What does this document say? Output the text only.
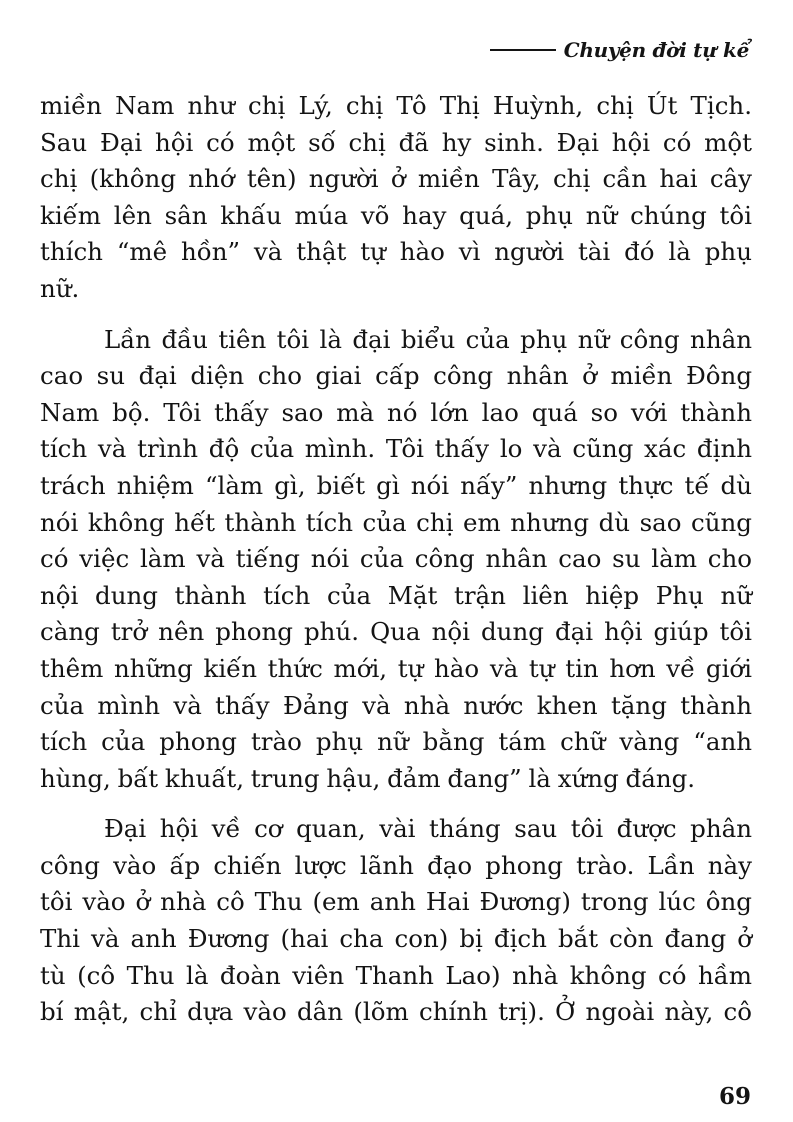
Chuyện đời tự kể
miền Nam như chị Lý, chị Tô Thị Huỳnh, chị Út Tịch.
Sau Đại hội có một số chị đã hy sinh. Đại hội có một
chị (không nhớ tên) người ở miền Tây, chị cần hai cây
kiếm lên sân khấu múa võ hay quá, phụ nữ chúng tôi
thích “mê hồn” và thật tự hào vì người tài đó là phụ
nữ.
Lần đầu tiên tôi là đại biểu của phụ nữ công nhân
cao su đại diện cho giai cấp công nhân ở miền Đông
Nam bộ. Tôi thấy sao mà nó lớn lao quá so với thành
tích và trình độ của mình. Tôi thấy lo và cũng xác định
trách nhiệm “làm gì, biết gì nói nấy” nhưng thực tế dù
nói không hết thành tích của chị em nhưng dù sao cũng
có việc làm và tiếng nói của công nhân cao su làm cho
nội dung thành tích của Mặt trận liên hiệp Phụ nữ
càng trở nên phong phú. Qua nội dung đại hội giúp tôi
thêm những kiến thức mới, tự hào và tự tin hơn về giới
của mình và thấy Đảng và nhà nước khen tặng thành
tích của phong trào phụ nữ bằng tám chữ vàng “anh
hùng, bất khuất, trung hậu, đảm đang” là xứng đáng.
Đại hội về cơ quan, vài tháng sau tôi được phân
công vào ấp chiến lược lãnh đạo phong trào. Lần này
tôi vào ở nhà cô Thu (em anh Hai Đương) trong lúc ông
Thi và anh Đương (hai cha con) bị địch bắt còn đang ở
tù (cô Thu là đoàn viên Thanh Lao) nhà không có hầm
bí mật, chỉ dựa vào dân (lõm chính trị). Ở ngoài này, cô
69
